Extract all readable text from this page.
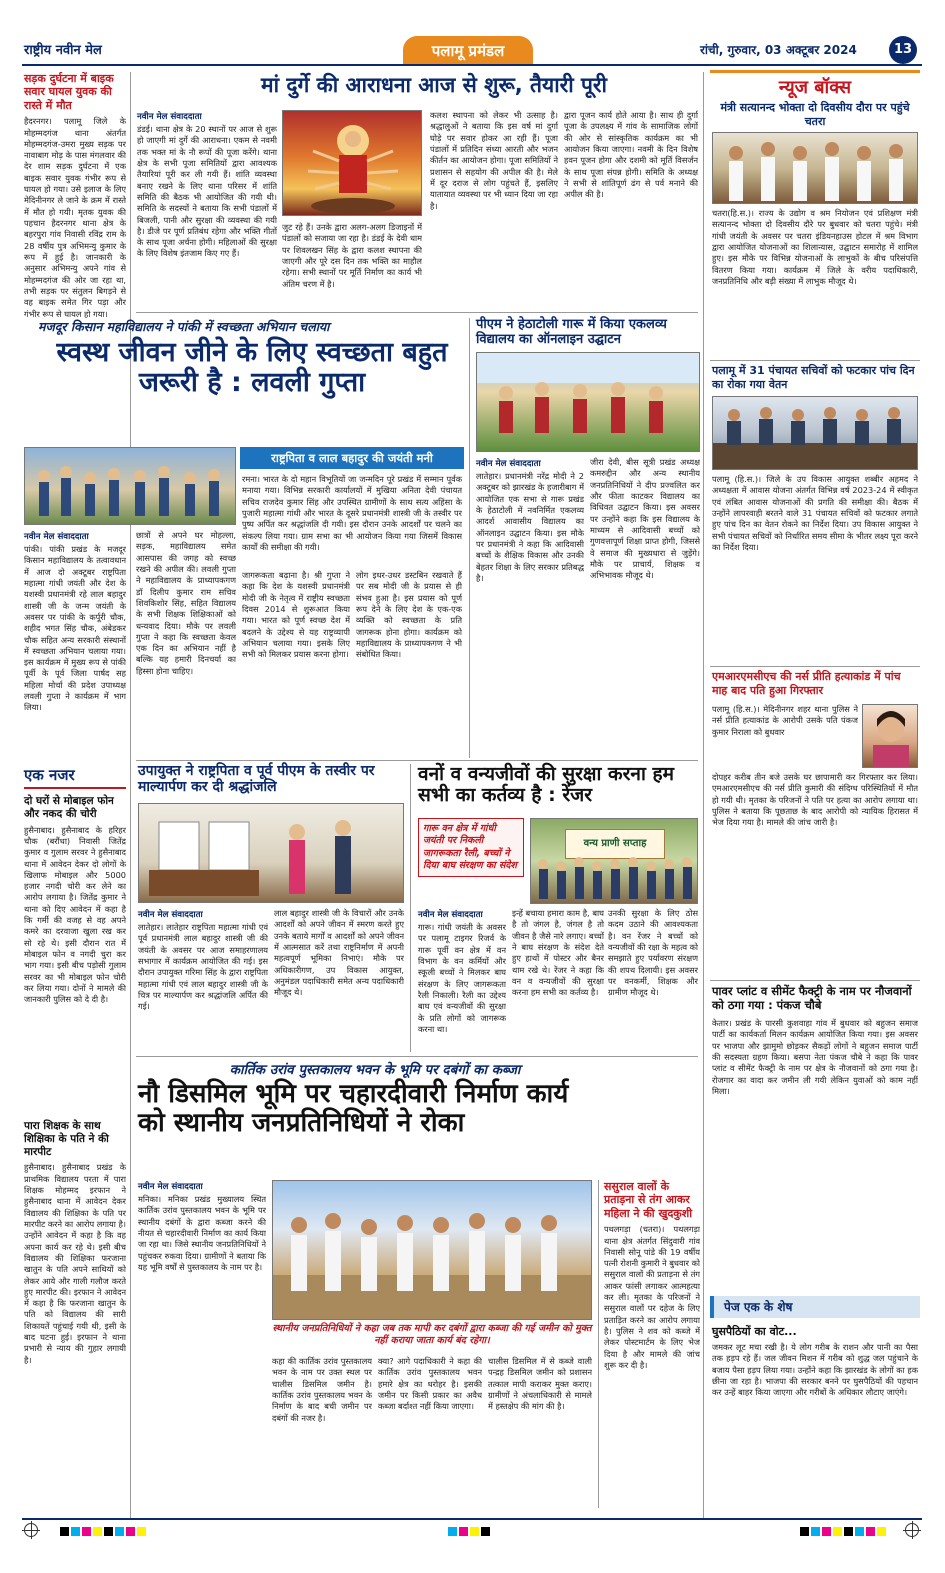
राष्ट्रीय नवीन मेल	पलामू प्रमंडल	रांची, गुरुवार, 03 अक्टूबर 2024	13
सड़क दुर्घटना में बाइक सवार घायल युवक की रास्ते में मौत
हैदरनगर। पलामू जिले के मोहम्मदगंज थाना अंतर्गत मोहम्मदगंज-उमरा मुख्य सड़क पर नावाबाग मोड़ के पास मंगलवार की देर शाम सड़क दुर्घटना में एक बाइक सवार युवक गंभीर रूप से घायल हो गया। उसे इलाज के लिए मेदिनीनगर ले जाने के क्रम में रास्ते में मौत हो गयी। मृतक युवक की पहचान हैदरनगर थाना क्षेत्र के बहरपुरा गांव निवासी रविंद्र राम के 28 वर्षीय पुत्र अभिमन्यु कुमार के रूप में हुई है। जानकारी के अनुसार अभिमन्यु अपने गांव से मोहम्मदगंज की ओर जा रहा था, तभी सड़क पर संतुलन बिगड़ने से वह बाइक समेत गिर पड़ा और गंभीर रूप से घायल हो गया।
एक नजर
दो घरों से मोबाइल फोन और नकद की चोरी
हुसैनाबाद। हुसैनाबाद के हरिहर चौक (बरौंधा) निवासी जितेंद्र कुमार व गुलाम सरवर ने हुसैनाबाद थाना में आवेदन देकर दो लोगों के खिलाफ मोबाइल और 5000 हजार नगदी चोरी कर लेने का आरोप लगाया है। जितेंद्र कुमार ने थाना को दिए आवेदन में कहा है कि गर्मी की वजह से वह अपने कमरे का दरवाजा खुला रख कर सो रहे थे। इसी दौरान रात में मोबाइल फोन व नगदी चुरा कर भाग गया। इसी बीच पड़ोसी गुलाम सरवर का भी मोबाइल फोन चोरी कर लिया गया। दोनों ने मामले की जानकारी पुलिस को दे दी है।
पारा शिक्षक के साथ शिक्षिका के पति ने की मारपीट
हुसैनाबाद। हुसैनाबाद प्रखंड के प्राथमिक विद्यालय परता में पारा शिक्षक मोहम्मद इरफान ने हुसैनाबाद थाना में आवेदन देकर विद्यालय की शिक्षिका के पति पर मारपीट करने का आरोप लगाया है। उन्होंने आवेदन में कहा है कि वह अपना कार्य कर रहे थे। इसी बीच विद्यालय की शिक्षिका फरजाना खातुन के पति अपने साथियों को लेकर आये और गाली गलौज करते हुए मारपीट की। इरफान ने आवेदन में कहा है कि फरजाना खातुन के पति को विद्यालय की सारी शिकायतें पहुंचाई गयी थी, इसी के बाद घटना हुई। इरफान ने थाना प्रभारी से न्याय की गुहार लगायी है।
मां दुर्गे की आराधना आज से शुरू, तैयारी पूरी
नवीन मेल संवाददाता
डंडई। थाना क्षेत्र के 20 स्थानों पर आज से शुरू हो जाएगी मां दुर्गे की आराधना। एकम से नवमी तक भक्त मां के नौ रूपों की पूजा करेंगे। थाना क्षेत्र के सभी पूजा समितियों द्वारा आवश्यक तैयारियां पूरी कर ली गयी हैं। शांति व्यवस्था बनाए रखने के लिए थाना परिसर में शांति समिति की बैठक भी आयोजित की गयी थी। समिति के सदस्यों ने बताया कि सभी पंडालों में बिजली, पानी और सुरक्षा की व्यवस्था की गयी है। डीजे पर पूर्ण प्रतिबंध रहेगा और भक्ति गीतों के साथ पूजा अर्चना होगी। महिलाओं की सुरक्षा के लिए विशेष इंतजाम किए गए हैं।
जुट रहे हैं। उनके द्वारा अलग-अलग डिजाइनों में पंडालों को सजाया जा रहा है। डंडई के देवी धाम पर शिवलखन सिंह के द्वारा कलश स्थापना की जाएगी और पूरे दस दिन तक भक्ति का माहौल रहेगा। सभी स्थानों पर मूर्ति निर्माण का कार्य भी अंतिम चरण में है।
कलश स्थापना को लेकर भी उत्साह है। श्रद्धालुओं ने बताया कि इस वर्ष मां दुर्गा घोड़े पर सवार होकर आ रही हैं। पूजा पंडालों में प्रतिदिन संध्या आरती और भजन कीर्तन का आयोजन होगा। पूजा समितियों ने प्रशासन से सहयोग की अपील की है। मेले में दूर दराज से लोग पहुंचते हैं, इसलिए यातायात व्यवस्था पर भी ध्यान दिया जा रहा है।
द्वारा पूजन कार्य होते आया है। साथ ही दुर्गा पूजा के उपलक्ष्य में गांव के सामाजिक लोगों की ओर से सांस्कृतिक कार्यक्रम का भी आयोजन किया जाएगा। नवमी के दिन विशेष हवन पूजन होगा और दशमी को मूर्ति विसर्जन के साथ पूजा संपन्न होगी। समिति के अध्यक्ष ने सभी से शांतिपूर्ण ढंग से पर्व मनाने की अपील की है।
मजदूर किसान महाविद्यालय ने पांकी में स्वच्छता अभियान चलाया
स्वस्थ जीवन जीने के लिए स्वच्छता बहुत जरूरी है : लवली गुप्ता
नवीन मेल संवाददाता
पांकी। पांकी प्रखंड के मजदूर किसान महाविद्यालय के तत्वावधान में आज दो अक्टूबर राष्ट्रपिता महात्मा गांधी जयंती और देश के यशस्वी प्रधानमंत्री रहे लाल बहादुर शास्त्री जी के जन्म जयंती के अवसर पर पांकी के कर्पूरी चौक, शहीद भगत सिंह चौक, अंबेडकर चौक सहित अन्य सरकारी संस्थानों में स्वच्छता अभियान चलाया गया। इस कार्यक्रम में मुख्य रूप से पांकी पूर्वी के पूर्व जिला पार्षद सह महिला मोर्चा की प्रदेश उपाध्यक्ष लवली गुप्ता ने कार्यक्रम में भाग लिया।
छात्रों से अपने घर मोहल्ला, सड़क, महाविद्यालय समेत आसपास की जगह को स्वच्छ रखने की अपील की। लवली गुप्ता ने महाविद्यालय के प्राध्यापकगण डॉ दिलीप कुमार राम सचिव शिवकिशोर सिंह, सहित विद्यालय के सभी शिक्षक शिक्षिकाओं को धन्यवाद दिया। मौके पर लवली गुप्ता ने कहा कि स्वच्छता केवल एक दिन का अभियान नहीं है बल्कि यह हमारी दिनचर्या का हिस्सा होना चाहिए।
राष्ट्रपिता व लाल बहादुर की जयंती मनी
रमना। भारत के दो महान विभूतियों जा जन्मदिन पूरे प्रखंड में सम्मान पूर्वक मनाया गया। विभिन्न सरकारी कार्यालयों में मुखिया अनिता देवी पंचायत सचिव राजदेव कुमार सिंह और उपस्थित ग्रामीणों के साथ सत्य अहिंसा के पुजारी महात्मा गांधी और भारत के दूसरे प्रधानमंत्री शास्त्री जी के तस्वीर पर पुष्प अर्पित कर श्रद्धांजलि दी गयी। इस दौरान उनके आदर्शों पर चलने का संकल्प लिया गया। ग्राम सभा का भी आयोजन किया गया जिसमें विकास कार्यों की समीक्षा की गयी।
जागरूकता बढ़ाना है। श्री गुप्ता ने कहा कि देश के यशस्वी प्रधानमंत्री मोदी जी के नेतृत्व में राष्ट्रीय स्वच्छता दिवस 2014 से शुरूआत किया गया। भारत को पूर्ण स्वच्छ देश में बदलने के उद्देश्य से यह राष्ट्रव्यापी अभियान चलाया गया। इसके लिए सभी को मिलकर प्रयास करना होगा।
लोग इधर-उधर डस्टबिन रखवाते हैं पर सब मोदी जी के प्रयास से ही संभव हुआ है। इस प्रयास को पूर्ण रूप देने के लिए देश के एक-एक व्यक्ति को स्वच्छता के प्रति जागरूक होना होगा। कार्यक्रम को महाविद्यालय के प्राध्यापकगण ने भी संबोधित किया।
पीएम ने हेठाटोली गारू में किया एकलव्य विद्यालय का ऑनलाइन उद्घाटन
नवीन मेल संवाददाता
लातेहार। प्रधानमंत्री नरेंद्र मोदी ने 2 अक्टूबर को झारखंड के हजारीबाग में आयोजित एक सभा से गारू प्रखंड के हेठाटोली में नवनिर्मित एकलव्य आदर्श आवासीय विद्यालय का ऑनलाइन उद्घाटन किया। इस मौके पर प्रधानमंत्री ने कहा कि आदिवासी बच्चों के शैक्षिक विकास और उनकी बेहतर शिक्षा के लिए सरकार प्रतिबद्ध है।
जीरा देवी, बीस सूत्री प्रखंड अध्यक्ष कमरुद्दीन और अन्य स्थानीय जनप्रतिनिधियों ने दीप प्रज्वलित कर और फीता काटकर विद्यालय का विधिवत उद्घाटन किया। इस अवसर पर उन्होंने कहा कि इस विद्यालय के माध्यम से आदिवासी बच्चों को गुणवत्तापूर्ण शिक्षा प्राप्त होगी, जिससे वे समाज की मुख्यधारा से जुड़ेंगे। मौके पर प्राचार्य, शिक्षक व अभिभावक मौजूद थे।
उपायुक्त ने राष्ट्रपिता व पूर्व पीएम के तस्वीर पर माल्यार्पण कर दी श्रद्धांजलि
नवीन मेल संवाददाता
लातेहार। लातेहार राष्ट्रपिता महात्मा गांधी एवं पूर्व प्रधानमंत्री लाल बहादुर शास्त्री जी की जयंती के अवसर पर आज समाहरणालय सभागार में कार्यक्रम आयोजित की गई। इस दौरान उपायुक्त गरिमा सिंह के द्वारा राष्ट्रपिता महात्मा गांधी एवं लाल बहादुर शास्त्री जी के चित्र पर माल्यार्पण कर श्रद्धांजलि अर्पित की गई।
लाल बहादुर शास्त्री जी के विचारों और उनके आदर्शों को अपने जीवन में स्मरण करते हुए उनके बताये मार्गों व आदर्शों को अपने जीवन में आत्मसात करें तथा राष्ट्रनिर्माण में अपनी महत्वपूर्ण भूमिका निभाएं। मौके पर अधिकारीगण, उप विकास आयुक्त, अनुमंडल पदाधिकारी समेत अन्य पदाधिकारी मौजूद थे।
वनों व वन्यजीवों की सुरक्षा करना हम सभी का कर्तव्य है : रेंजर
गारू वन क्षेत्र में गांधी जयंती पर निकली जागरूकता रैली, बच्चों ने दिया बाघ संरक्षण का संदेश
वन्य प्राणी सप्ताह
नवीन मेल संवाददाता
गारू। गांधी जयंती के अवसर पर पलामू टाइगर रिजर्व के गारू पूर्वी वन क्षेत्र में वन विभाग के वन कर्मियों और स्कूली बच्चों ने मिलकर बाघ संरक्षण के लिए जागरूकता रैली निकाली। रैली का उद्देश्य बाघ एवं वन्यजीवों की सुरक्षा के प्रति लोगों को जागरूक करना था।
इन्हें बचाया हमारा काम है, बाघ है तो जंगल है, जंगल है तो जीवन है जैसे नारे लगाए। बच्चों ने बाघ संरक्षण के संदेश देते हुए हाथों में पोस्टर और बैनर थाम रखे थे। रेंजर ने कहा कि वन व वन्यजीवों की सुरक्षा करना हम सभी का कर्तव्य है।
उनकी सुरक्षा के लिए ठोस कदम उठाने की आवश्यकता है। वन रेंजर ने बच्चों को वन्यजीवों की रक्षा के महत्व को समझाते हुए पर्यावरण संरक्षण की शपथ दिलायी। इस अवसर पर वनकर्मी, शिक्षक और ग्रामीण मौजूद थे।
कार्तिक उरांव पुस्तकालय भवन के भूमि पर दबंगों का कब्जा
नौ डिसमिल भूमि पर चहारदीवारी निर्माण कार्य को स्थानीय जनप्रतिनिधियों ने रोका
नवीन मेल संवाददाता
मनिका। मनिका प्रखंड मुख्यालय स्थित कार्तिक उरांव पुस्तकालय भवन के भूमि पर स्थानीय दबंगों के द्वारा कब्जा करने की नीयत से चहारदीवारी निर्माण का कार्य किया जा रहा था। जिसे स्थानीय जनप्रतिनिधियों ने पहुंचकर रुकवा दिया। ग्रामीणों ने बताया कि यह भूमि वर्षों से पुस्तकालय के नाम पर है।
स्थानीय जनप्रतिनिधियों ने कहा जब तक मापी कर दबंगों द्वारा कब्जा की गई जमीन को मुक्त नहीं कराया जाता कार्य बंद रहेगा।
कहा की कार्तिक उरांव पुस्तकालय भवन के नाम पर उक्त स्थल पर चालीस डिसमिल जमीन है। कार्तिक उरांव पुस्तकालय भवन के निर्माण के बाद बची जमीन पर दबंगों की नजर है।
क्या? आगे पदाधिकारी ने कहा की कार्तिक उरांव पुस्तकालय भवन हमारे क्षेत्र का धरोहर है। इसकी जमीन पर किसी प्रकार का अवैध कब्जा बर्दाश्त नहीं किया जाएगा।
चालीस डिसमिल में से कब्जे वाली पन्द्रह डिसमिल जमीन को प्रशासन तत्काल मापी कराकर मुक्त कराए। ग्रामीणों ने अंचलाधिकारी से मामले में हस्तक्षेप की मांग की है।
ससुराल वालों के प्रताड़ना से तंग आकर महिला ने की खुदकुशी
पथलगड़ा (चतरा)। पथलगड़ा थाना क्षेत्र अंतर्गत सिंदुवारी गांव निवासी सोनू पांडे की 19 वर्षीय पत्नी रोशनी कुमारी ने बुधवार को ससुराल वालों की प्रताड़ना से तंग आकर फांसी लगाकर आत्महत्या कर ली। मृतका के परिजनों ने ससुराल वालों पर दहेज के लिए प्रताड़ित करने का आरोप लगाया है। पुलिस ने शव को कब्जे में लेकर पोस्टमार्टम के लिए भेज दिया है और मामले की जांच शुरू कर दी है।
न्यूज बॉक्स
मंत्री सत्यानन्द भोक्ता दो दिवसीय दौरा पर पहुंचे चतरा
चतरा(हि.स.)। राज्य के उद्योग व श्रम नियोजन एवं प्रशिक्षण मंत्री सत्यानन्द भोक्ता दो दिवसीय दौरे पर बुधवार को चतरा पहुंचे। मंत्री गांधी जयंती के अवसर पर चतरा इंडियनहाउस होटल में श्रम विभाग द्वारा आयोजित योजनाओं का शिलान्यास, उद्घाटन समारोह में शामिल हुए। इस मौके पर विभिन्न योजनाओं के लाभुकों के बीच परिसंपत्ति वितरण किया गया। कार्यक्रम में जिले के वरीय पदाधिकारी, जनप्रतिनिधि और बड़ी संख्या में लाभुक मौजूद थे।
पलामू में 31 पंचायत सचिवों को फटकार पांच दिन का रोका गया वेतन
पलामू (हि.स.)। जिले के उप विकास आयुक्त शब्बीर अहमद ने अध्यक्षता में आवास योजना अंतर्गत विभिन्न वर्ष 2023-24 में स्वीकृत एवं लंबित आवास योजनाओं की प्रगति की समीक्षा की। बैठक में उन्होंने लापरवाही बरतने वाले 31 पंचायत सचिवों को फटकार लगाते हुए पांच दिन का वेतन रोकने का निर्देश दिया। उप विकास आयुक्त ने सभी पंचायत सचिवों को निर्धारित समय सीमा के भीतर लक्ष्य पूरा करने का निर्देश दिया।
एमआरएमसीएच की नर्स प्रीति हत्याकांड में पांच माह बाद पति हुआ गिरफ्तार
पलामू (हि.स.)। मेदिनीनगर शहर थाना पुलिस ने नर्स प्रीति हत्याकांड के आरोपी उसके पति पंकज कुमार निराला को बुधवार
दोपहर करीब तीन बजे उसके घर छापामारी कर गिरफ्तार कर लिया। एमआरएमसीएच की नर्स प्रीति कुमारी की संदिग्ध परिस्थितियों में मौत हो गयी थी। मृतका के परिजनों ने पति पर हत्या का आरोप लगाया था। पुलिस ने बताया कि पूछताछ के बाद आरोपी को न्यायिक हिरासत में भेज दिया गया है। मामले की जांच जारी है।
पावर प्लांट व सीमेंट फैक्ट्री के नाम पर नौजवानों को ठगा गया : पंकज चौबे
केतार। प्रखंड के पारसी कुशवाहा गांव में बुधवार को बहुजन समाज पार्टी का कार्यकर्ता मिलन कार्यक्रम आयोजित किया गया। इस अवसर पर भाजपा और झामुमो छोड़कर सैकड़ों लोगों ने बहुजन समाज पार्टी की सदस्यता ग्रहण किया। बसपा नेता पंकज चौबे ने कहा कि पावर प्लांट व सीमेंट फैक्ट्री के नाम पर क्षेत्र के नौजवानों को ठगा गया है। रोजगार का वादा कर जमीन ली गयी लेकिन युवाओं को काम नहीं मिला।
पेज एक के शेष
घुसपैठियों का वोट...
जमकर लूट मचा रखी है। ये लोग गरीब के राशन और पानी का पैसा तक हड़प रहे हैं। जल जीवन मिशन में गरीब को शुद्ध जल पहुंचाने के बजाय पैसा हड़प लिया गया। उन्होंने कहा कि झारखंड के लोगों का हक छीना जा रहा है। भाजपा की सरकार बनने पर घुसपैठियों की पहचान कर उन्हें बाहर किया जाएगा और गरीबों के अधिकार लौटाए जाएंगे।
